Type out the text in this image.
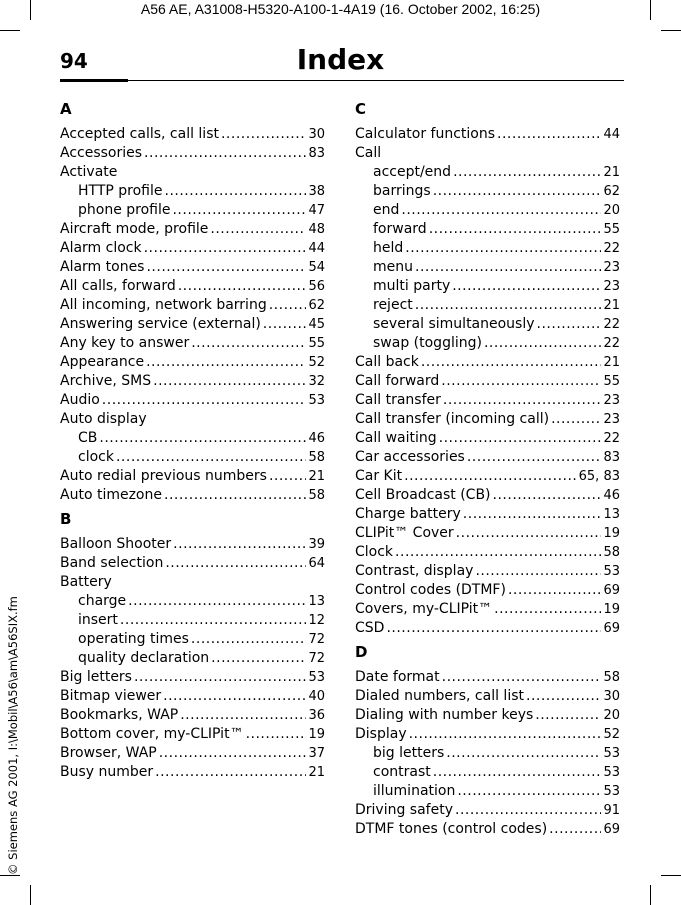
A56 AE, A31008-H5320-A100-1-4A19 (16. October 2002, 16:25)
94	Index
© Siemens AG 2001, I:\Mobil\A56\am\A56SIX.fm
A
Accepted calls, call list .....	30
Accessories .....	83
Activate
HTTP profile .....	38
phone profile .....	47
Aircraft mode, profile .....	48
Alarm clock .....	44
Alarm tones .....	54
All calls, forward .....	56
All incoming, network barring .....	62
Answering service (external) .....	45
Any key to answer .....	55
Appearance .....	52
Archive, SMS .....	32
Audio .....	53
Auto display
CB .....	46
clock .....	58
Auto redial previous numbers .....	21
Auto timezone .....	58
B
Balloon Shooter .....	39
Band selection .....	64
Battery
charge .....	13
insert .....	12
operating times .....	72
quality declaration .....	72
Big letters .....	53
Bitmap viewer .....	40
Bookmarks, WAP .....	36
Bottom cover, my-CLIPit™ .....	19
Browser, WAP .....	37
Busy number .....	21
C
Calculator functions .....	44
Call
accept/end .....	21
barrings .....	62
end .....	20
forward .....	55
held .....	22
menu .....	23
multi party .....	23
reject .....	21
several simultaneously .....	22
swap (toggling) .....	22
Call back .....	21
Call forward .....	55
Call transfer .....	23
Call transfer (incoming call) .....	23
Call waiting .....	22
Car accessories .....	83
Car Kit .....	65, 83
Cell Broadcast (CB) .....	46
Charge battery .....	13
CLIPit™ Cover .....	19
Clock .....	58
Contrast, display .....	53
Control codes (DTMF) .....	69
Covers, my-CLIPit™ .....	19
CSD .....	69
D
Date format .....	58
Dialed numbers, call list .....	30
Dialing with number keys .....	20
Display .....	52
big letters .....	53
contrast .....	53
illumination .....	53
Driving safety .....	91
DTMF tones (control codes) .....	69
